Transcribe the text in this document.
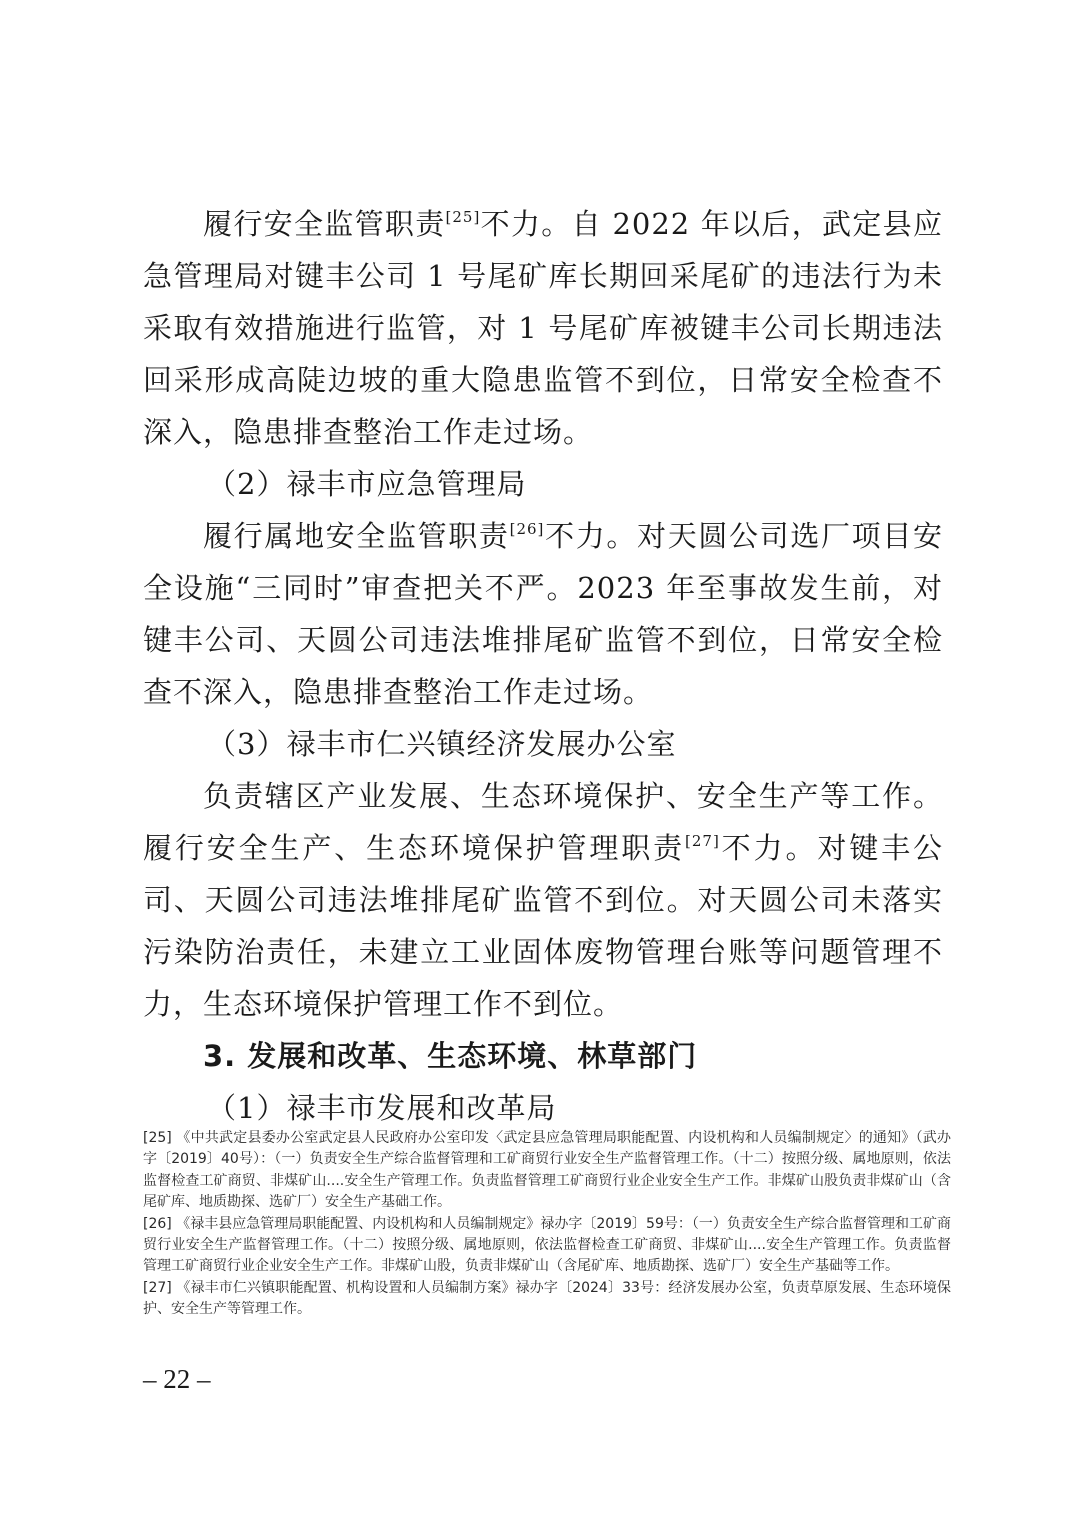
履行安全监管职责[25]不力。自 2022 年以后，武定县应急管理局对键丰公司 1 号尾矿库长期回采尾矿的违法行为未采取有效措施进行监管，对 1 号尾矿库被键丰公司长期违法回采形成高陡边坡的重大隐患监管不到位，日常安全检查不深入，隐患排查整治工作走过场。

（2）禄丰市应急管理局

履行属地安全监管职责[26]不力。对天圆公司选厂项目安全设施“三同时”审查把关不严。2023 年至事故发生前，对键丰公司、天圆公司违法堆排尾矿监管不到位，日常安全检查不深入，隐患排查整治工作走过场。

（3）禄丰市仁兴镇经济发展办公室

负责辖区产业发展、生态环境保护、安全生产等工作。履行安全生产、生态环境保护管理职责[27]不力。对键丰公司、天圆公司违法堆排尾矿监管不到位。对天圆公司未落实污染防治责任，未建立工业固体废物管理台账等问题管理不力，生态环境保护管理工作不到位。

3. 发展和改革、生态环境、林草部门

（1）禄丰市发展和改革局

[25] 《中共武定县委办公室武定县人民政府办公室印发〈武定县应急管理局职能配置、内设机构和人员编制规定〉的通知》（武办字〔2019〕40号）：（一）负责安全生产综合监督管理和工矿商贸行业安全生产监督管理工作。（十二）按照分级、属地原则，依法监督检查工矿商贸、非煤矿山....安全生产管理工作。负责监督管理工矿商贸行业企业安全生产工作。非煤矿山股负责非煤矿山（含尾矿库、地质勘探、选矿厂）安全生产基础工作。

[26] 《禄丰县应急管理局职能配置、内设机构和人员编制规定》禄办字〔2019〕59号：（一）负责安全生产综合监督管理和工矿商贸行业安全生产监督管理工作。（十二）按照分级、属地原则，依法监督检查工矿商贸、非煤矿山....安全生产管理工作。负责监督管理工矿商贸行业企业安全生产工作。非煤矿山股，负责非煤矿山（含尾矿库、地质勘探、选矿厂）安全生产基础等工作。

[27] 《禄丰市仁兴镇职能配置、机构设置和人员编制方案》禄办字〔2024〕33号：经济发展办公室，负责草原发展、生态环境保护、安全生产等管理工作。

– 22 –
